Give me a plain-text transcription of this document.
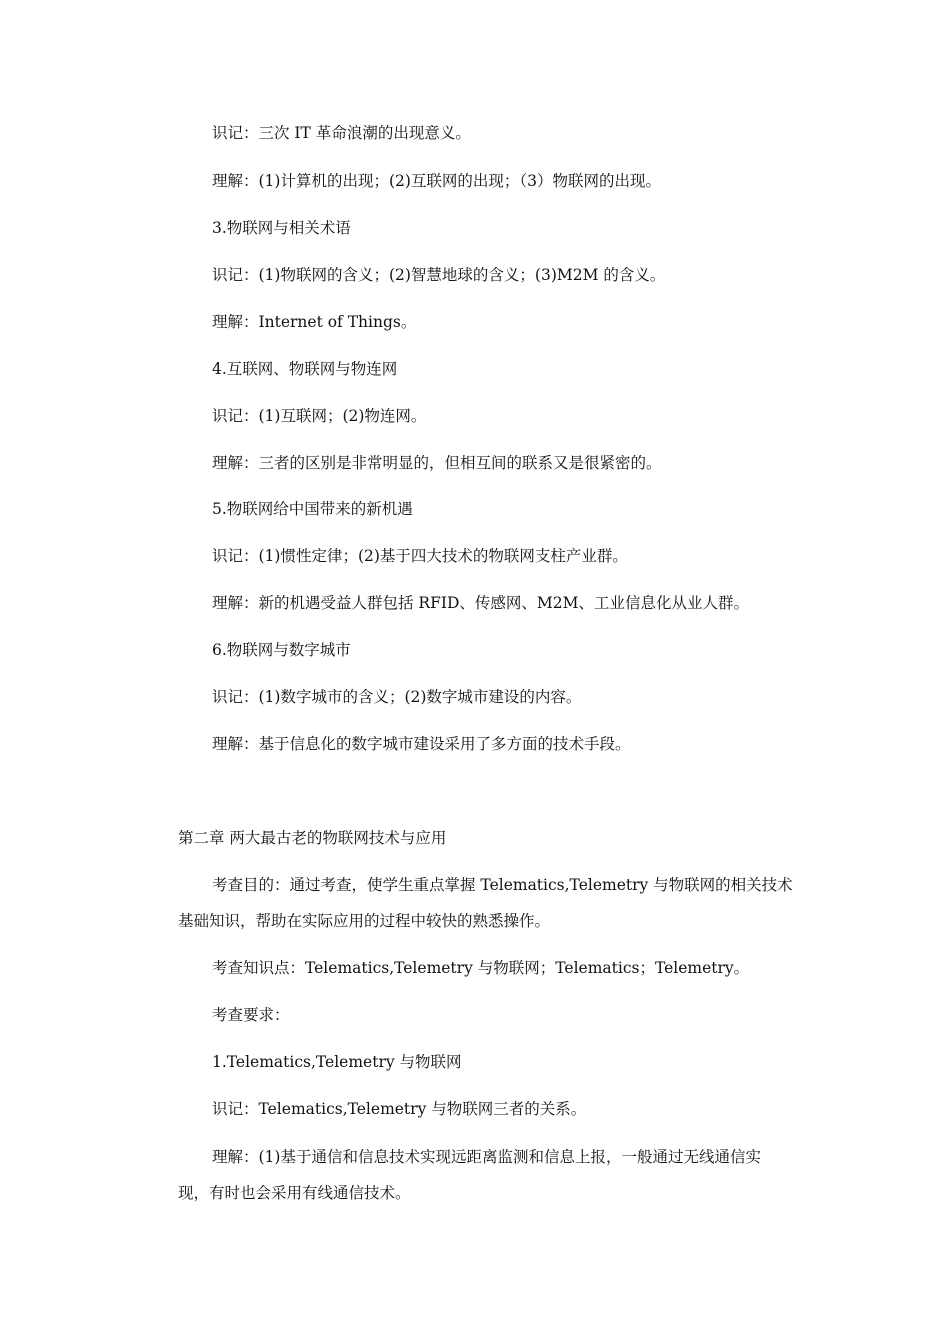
识记：三次 IT 革命浪潮的出现意义。
理解：(1)计算机的出现；(2)互联网的出现；（3）物联网的出现。
3.物联网与相关术语
识记：(1)物联网的含义；(2)智慧地球的含义；(3)M2M 的含义。
理解：Internet of Things。
4.互联网、物联网与物连网
识记：(1)互联网；(2)物连网。
理解：三者的区别是非常明显的，但相互间的联系又是很紧密的。
5.物联网给中国带来的新机遇
识记：(1)惯性定律；(2)基于四大技术的物联网支柱产业群。
理解：新的机遇受益人群包括 RFID、传感网、M2M、工业信息化从业人群。
6.物联网与数字城市
识记：(1)数字城市的含义；(2)数字城市建设的内容。
理解：基于信息化的数字城市建设采用了多方面的技术手段。
第二章 两大最古老的物联网技术与应用
考查目的：通过考查，使学生重点掌握 Telematics,Telemetry 与物联网的相关技术
基础知识，帮助在实际应用的过程中较快的熟悉操作。
考查知识点：Telematics,Telemetry 与物联网；Telematics；Telemetry。
考查要求：
1.Telematics,Telemetry 与物联网
识记：Telematics,Telemetry 与物联网三者的关系。
理解：(1)基于通信和信息技术实现远距离监测和信息上报，一般通过无线通信实
现，有时也会采用有线通信技术。
